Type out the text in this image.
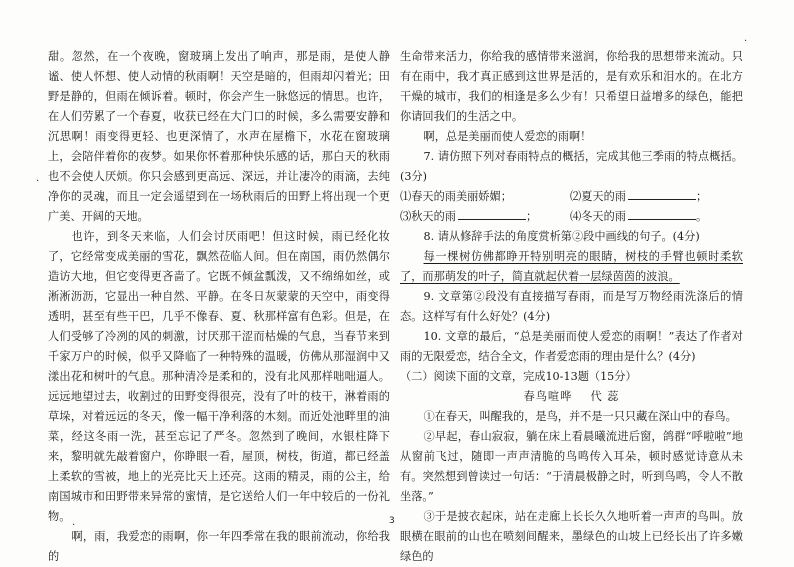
甜。忽然，在一个夜晚，窗玻璃上发出了响声，那是雨，是使人静谧、使人怀想、使人动情的秋雨啊！天空是暗的，但雨却闪着光；田野是静的，但雨在倾诉着。顿时，你会产生一脉悠远的情思。也许，在人们劳累了一个春夏，收获已经在大门口的时候，多么需要安静和沉思啊！雨变得更轻、也更深情了，水声在屋檐下，水花在窗玻璃上，会陪伴着你的夜梦。如果你怀着那种快乐感的话，那白天的秋雨也不会使人厌烦。你只会感到更高远、深远，并让凄冷的雨滴，去纯净你的灵魂，而且一定会遥望到在一场秋雨后的田野上将出现一个更广美、开阔的天地。

也许，到冬天来临，人们会讨厌雨吧！但这时候，雨已经化妆了，它经常变成美丽的雪花，飘然莅临人间。但在南国，雨仍然偶尔造访大地，但它变得更吝啬了。它既不倾盆瓢泼，又不绵绵如丝，或淅淅沥沥，它显出一种自然、平静。在冬日灰蒙蒙的天空中，雨变得透明，甚至有些干巴，几乎不像春、夏、秋那样富有色彩。但是，在人们受够了冷冽的风的刺激，讨厌那干涩而枯燥的气息，当春节来到千家万户的时候，似乎又降临了一种特殊的温暖，仿佛从那湿润中又漾出花和树叶的气息。那种清冷是柔和的，没有北风那样咄咄逼人。远远地望过去，收割过的田野变得很亮，没有了叶的枝干，淋着雨的草垛，对着远远的冬天，像一幅干净利落的木刻。而近处池畔里的油菜，经这冬雨一洗，甚至忘记了严冬。忽然到了晚间，水银柱降下来，黎明就先敲着窗户，你睁眼一看，屋顶，树枝，街道，都已经盖上柔软的雪被，地上的光亮比天上还亮。这雨的精灵，雨的公主，给南国城市和田野带来异常的蜜情，是它送给人们一年中较后的一份礼物。

啊，雨，我爱恋的雨啊，你一年四季常在我的眼前流动，你给我的

生命带来活力，你给我的感情带来滋润，你给我的思想带来流动。只有在雨中，我才真正感到这世界是活的，是有欢乐和泪水的。在北方干燥的城市，我们的相逢是多么少有！只希望日益增多的绿色，能把你请回我们的生活之中。

啊，总是美丽而使人爱恋的雨啊！

7. 请仿照下列对春雨特点的概括，完成其他三季雨的特点概括。(3分)

⑴春天的雨美丽娇媚；	⑵夏天的雨	；
⑶秋天的雨	；	⑷冬天的雨	。

8. 请从修辞手法的角度赏析第②段中画线的句子。(4分)

每一棵树仿佛都睁开特别明亮的眼睛，树枝的手臂也顿时柔软了，而那萌发的叶子，简直就起伏着一层绿茵茵的波浪。

9. 文章第②段没有直接描写春雨，而是写万物经雨洗涤后的情态。这样写有什么好处？(4分)

10. 文章的最后，“总是美丽而使人爱恋的雨啊！”表达了作者对雨的无限爱恋，结合全文，作者爱恋雨的理由是什么？(4分)

（二）阅读下面的文章，完成10-13题（15分）

春鸟喧哗 代 蕊

①在春天，叫醒我的，是鸟，并不是一只只藏在深山中的春鸟。

②早起，春山寂寂，躺在床上看晨曦流进后窗，鸽群“呼啦啦”地从窗前飞过，随即一声声清脆的鸟鸣传入耳朵，顿时感觉诗意从未有。突然想到曾读过一句话：“于清晨极静之时，听到鸟鸣，令人不散坐落。”

③于是披衣起床，站在走廊上长长久久地听着一声声的鸟叫。放眼横在眼前的山也在喷刻间醒来，墨绿色的山坡上已经长出了许多嫩绿色的

3
·
·
·
